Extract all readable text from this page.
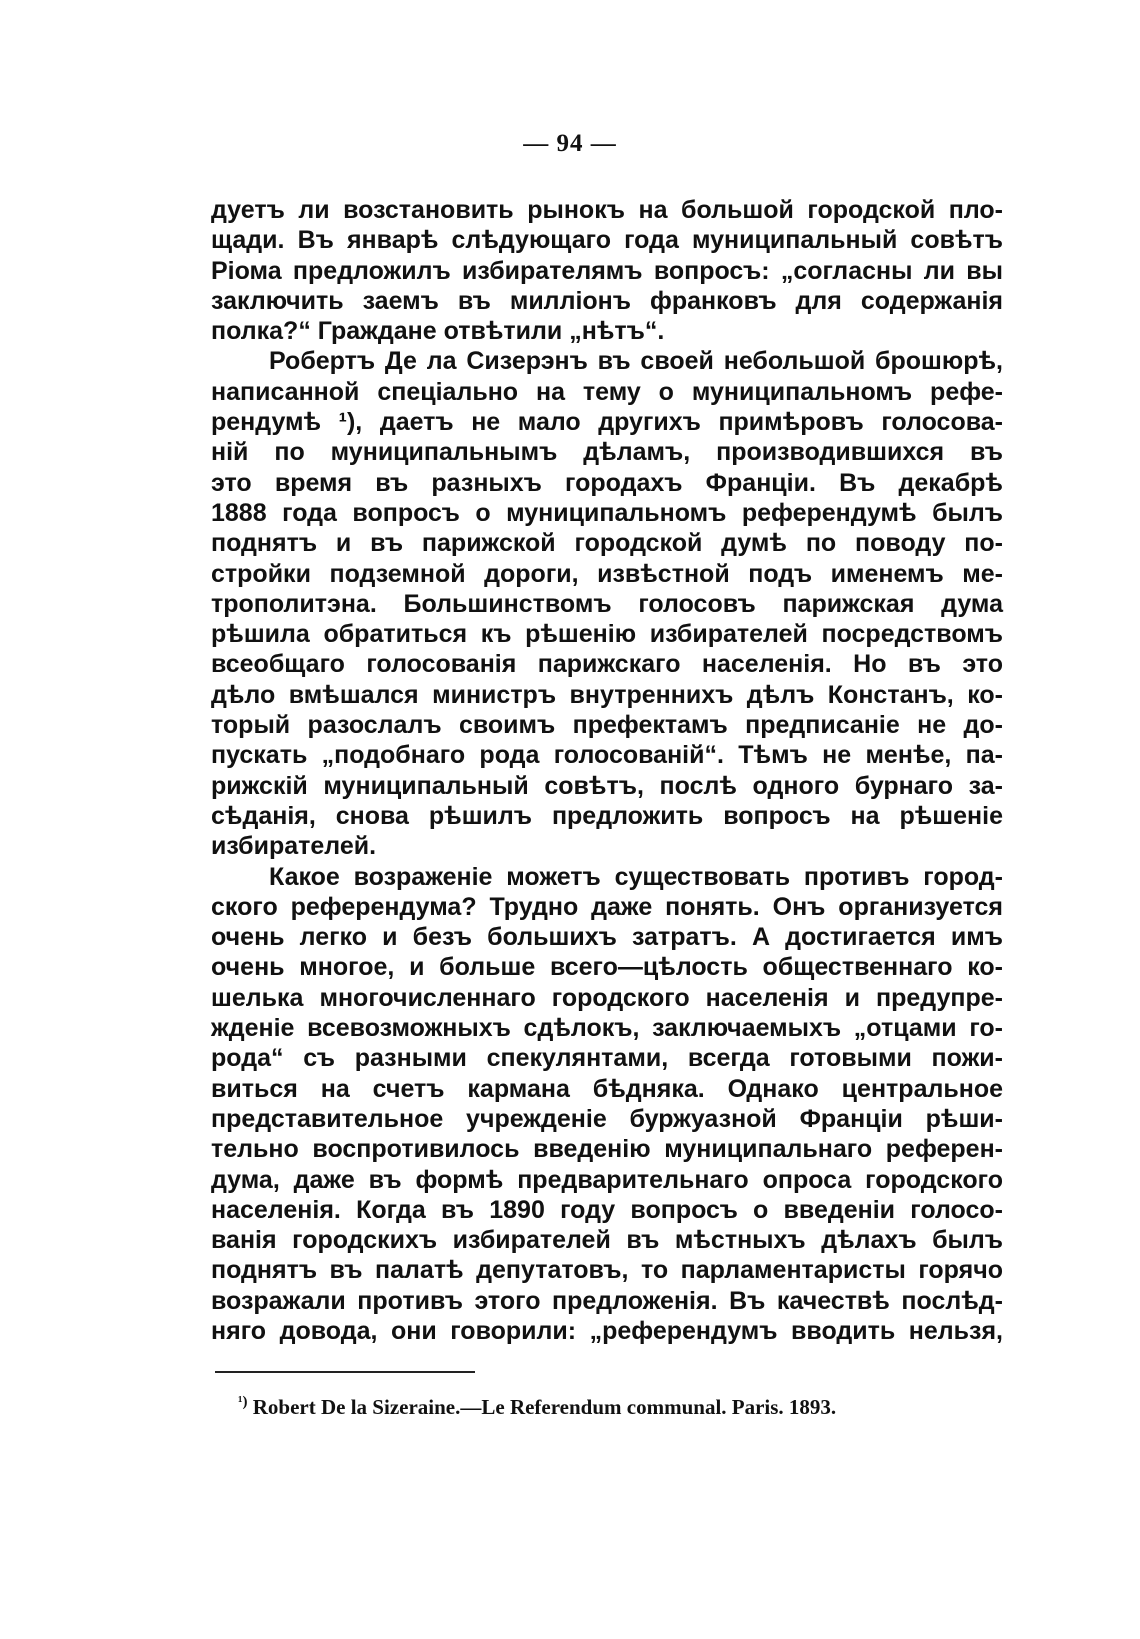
— 94 —
дуетъ ли возстановить рынокъ на большой городской пло-
щади. Въ январѣ слѣдующаго года муниципальный совѣтъ
Ріома предложилъ избирателямъ вопросъ: „согласны ли вы
заключить заемъ въ милліонъ франковъ для содержанія
полка?“ Граждане отвѣтили „нѣтъ“.
Робертъ Де ла Сизерэнъ въ своей небольшой брошюрѣ,
написанной спеціально на тему о муниципальномъ рефе-
рендумѣ ¹), даетъ не мало другихъ примѣровъ голосова-
ній по муниципальнымъ дѣламъ, производившихся въ
это время въ разныхъ городахъ Франціи. Въ декабрѣ
1888 года вопросъ о муниципальномъ референдумѣ былъ
поднятъ и въ парижской городской думѣ по поводу по-
стройки подземной дороги, извѣстной подъ именемъ ме-
трополитэна. Большинствомъ голосовъ парижская дума
рѣшила обратиться къ рѣшенію избирателей посредствомъ
всеобщаго голосованія парижскаго населенія. Но въ это
дѣло вмѣшался министръ внутреннихъ дѣлъ Констанъ, ко-
торый разослалъ своимъ префектамъ предписаніе не до-
пускать „подобнаго рода голосованій“. Тѣмъ не менѣе, па-
рижскій муниципальный совѣтъ, послѣ одного бурнаго за-
сѣданія, снова рѣшилъ предложить вопросъ на рѣшеніе
избирателей.
Какое возраженіе можетъ существовать противъ город-
ского референдума? Трудно даже понять. Онъ организуется
очень легко и безъ большихъ затратъ. А достигается имъ
очень многое, и больше всего—цѣлость общественнаго ко-
шелька многочисленнаго городского населенія и предупре-
жденіе всевозможныхъ сдѣлокъ, заключаемыхъ „отцами го-
рода“ съ разными спекулянтами, всегда готовыми пожи-
виться на счетъ кармана бѣдняка. Однако центральное
представительное учрежденіе буржуазной Франціи рѣши-
тельно воспротивилось введенію муниципальнаго референ-
дума, даже въ формѣ предварительнаго опроса городского
населенія. Когда въ 1890 году вопросъ о введеніи голосо-
ванія городскихъ избирателей въ мѣстныхъ дѣлахъ былъ
поднятъ въ палатѣ депутатовъ, то парламентаристы горячо
возражали противъ этого предложенія. Въ качествѣ послѣд-
няго довода, они говорили: „референдумъ вводить нельзя,
$^{^1)}$ Robert De la Sizeraine.—Le Referendum communal. Paris. 1893.
